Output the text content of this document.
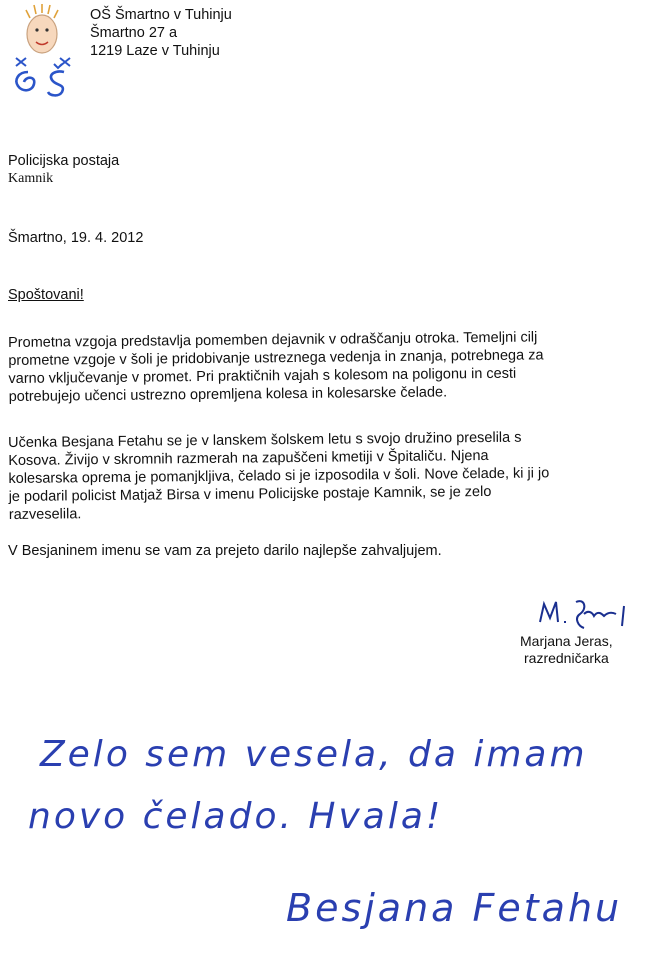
OŠ Šmartno v Tuhinju
Šmartno 27 a
1219 Laze v Tuhinju
Policijska postaja
Kamnik
Šmartno, 19. 4. 2012
Spoštovani!
Prometna vzgoja predstavlja pomemben dejavnik v odraščanju otroka. Temeljni cilj
prometne vzgoje v šoli je pridobivanje ustreznega vedenja in znanja, potrebnega za
varno vključevanje v promet. Pri praktičnih vajah s kolesom na poligonu in cesti
potrebujejo učenci ustrezno opremljena kolesa in kolesarske čelade.
Učenka Besjana Fetahu se je v lanskem šolskem letu s svojo družino preselila s
Kosova. Živijo v skromnih razmerah na zapuščeni kmetiji v Špitaliču. Njena
kolesarska oprema je pomanjkljiva, čelado si je izposodila v šoli. Nove čelade, ki ji jo
je podaril policist Matjaž Birsa v imenu Policijske postaje Kamnik, se je zelo
razveselila.
V Besjaninem imenu se vam za prejeto darilo najlepše zahvaljujem.
Marjana Jeras,
razredničarka
Zelo sem vesela, da imam
novo čelado. Hvala!
Besjana Fetahu
